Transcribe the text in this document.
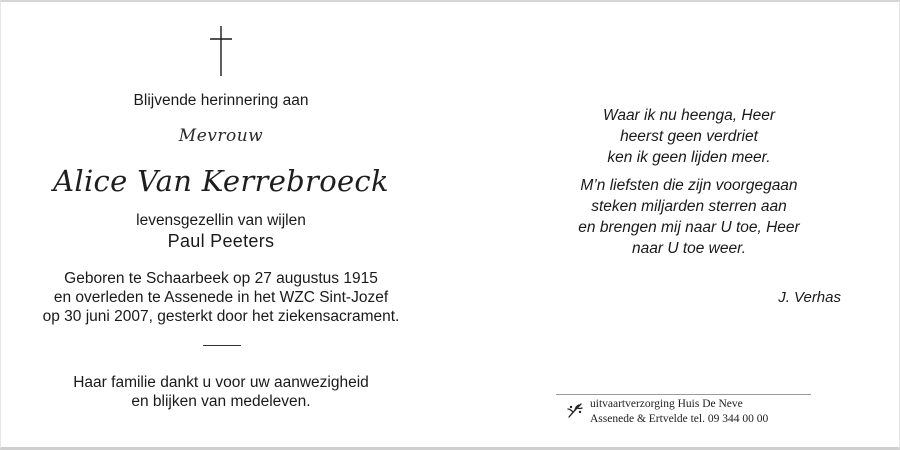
Blijvende herinnering aan
Mevrouw
Alice Van Kerrebroeck
levensgezellin van wijlen
Paul Peeters
Geboren te Schaarbeek op 27 augustus 1915
en overleden te Assenede in het WZC Sint-Jozef
op 30 juni 2007, gesterkt door het ziekensacrament.
Haar familie dankt u voor uw aanwezigheid
en blijken van medeleven.
Waar ik nu heenga, Heer
heerst geen verdriet
ken ik geen lijden meer.
M’n liefsten die zijn voorgegaan
steken miljarden sterren aan
en brengen mij naar U toe, Heer
naar U toe weer.
J. Verhas
uitvaartverzorging Huis De Neve
Assenede & Ertvelde tel. 09 344 00 00
